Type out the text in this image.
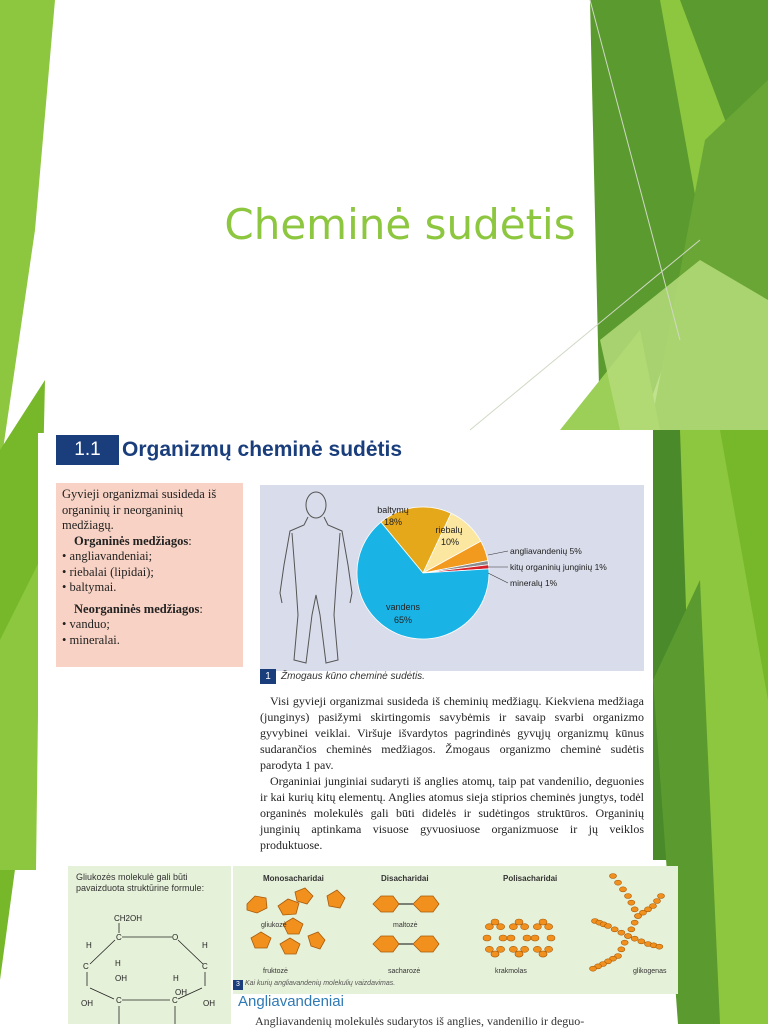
Cheminė sudėtis
1.1	Organizmų cheminė sudėtis

Gyvieji organizmai susideda iš organinių ir neorganinių medžiagų.

Organinės medžiagos:

• angliavandeniai;
• riebalai (lipidai);
• baltymai.

Neorganinės medžiagos:

• vanduo;
• mineralai.
baltymų
18%
riebalų
10%
vandens
65%
angliavandenių 5%
kitų organinių junginių 1%
mineralų 1%
1	Žmogaus kūno cheminė sudėtis.

Visi gyvieji organizmai susideda iš cheminių medžiagų. Kiekviena medžiaga (junginys) pasižymi skirtingomis savybėmis ir savaip svarbi organizmo gyvybinei veiklai. Viršuje išvardytos pagrindinės gyvųjų organizmų kūnus sudarančios cheminės medžiagos. Žmogaus organizmo cheminė sudėtis parodyta 1 pav.

Organiniai junginiai sudaryti iš anglies atomų, taip pat vandenilio, deguonies ir kai kurių kitų elementų. Anglies atomus sieja stiprios cheminės jungtys, todėl organinės molekulės gali būti didelės ir sudėtingos struktūros. Organinių junginių aptinkama visuose gyvuosiuose organizmuose ir jų veiklos produktuose.

Gliukozės molekulė gali būti pavaizduota struktūrine formule:
CH2OH
C	O
H	H
C	C
H
OH	H
OH	OH
C	C
OH
Monosacharidai	Disacharidai	Polisacharidai
gliukozė
fruktozė
maltozė
sacharozė	krakmolas	glikogenas
3 Kai kurių angliavandenių molekulių vaizdavimas.
Angliavandeniai
Angliavandenių molekulės sudarytos iš anglies, vandenilio ir deguo-
